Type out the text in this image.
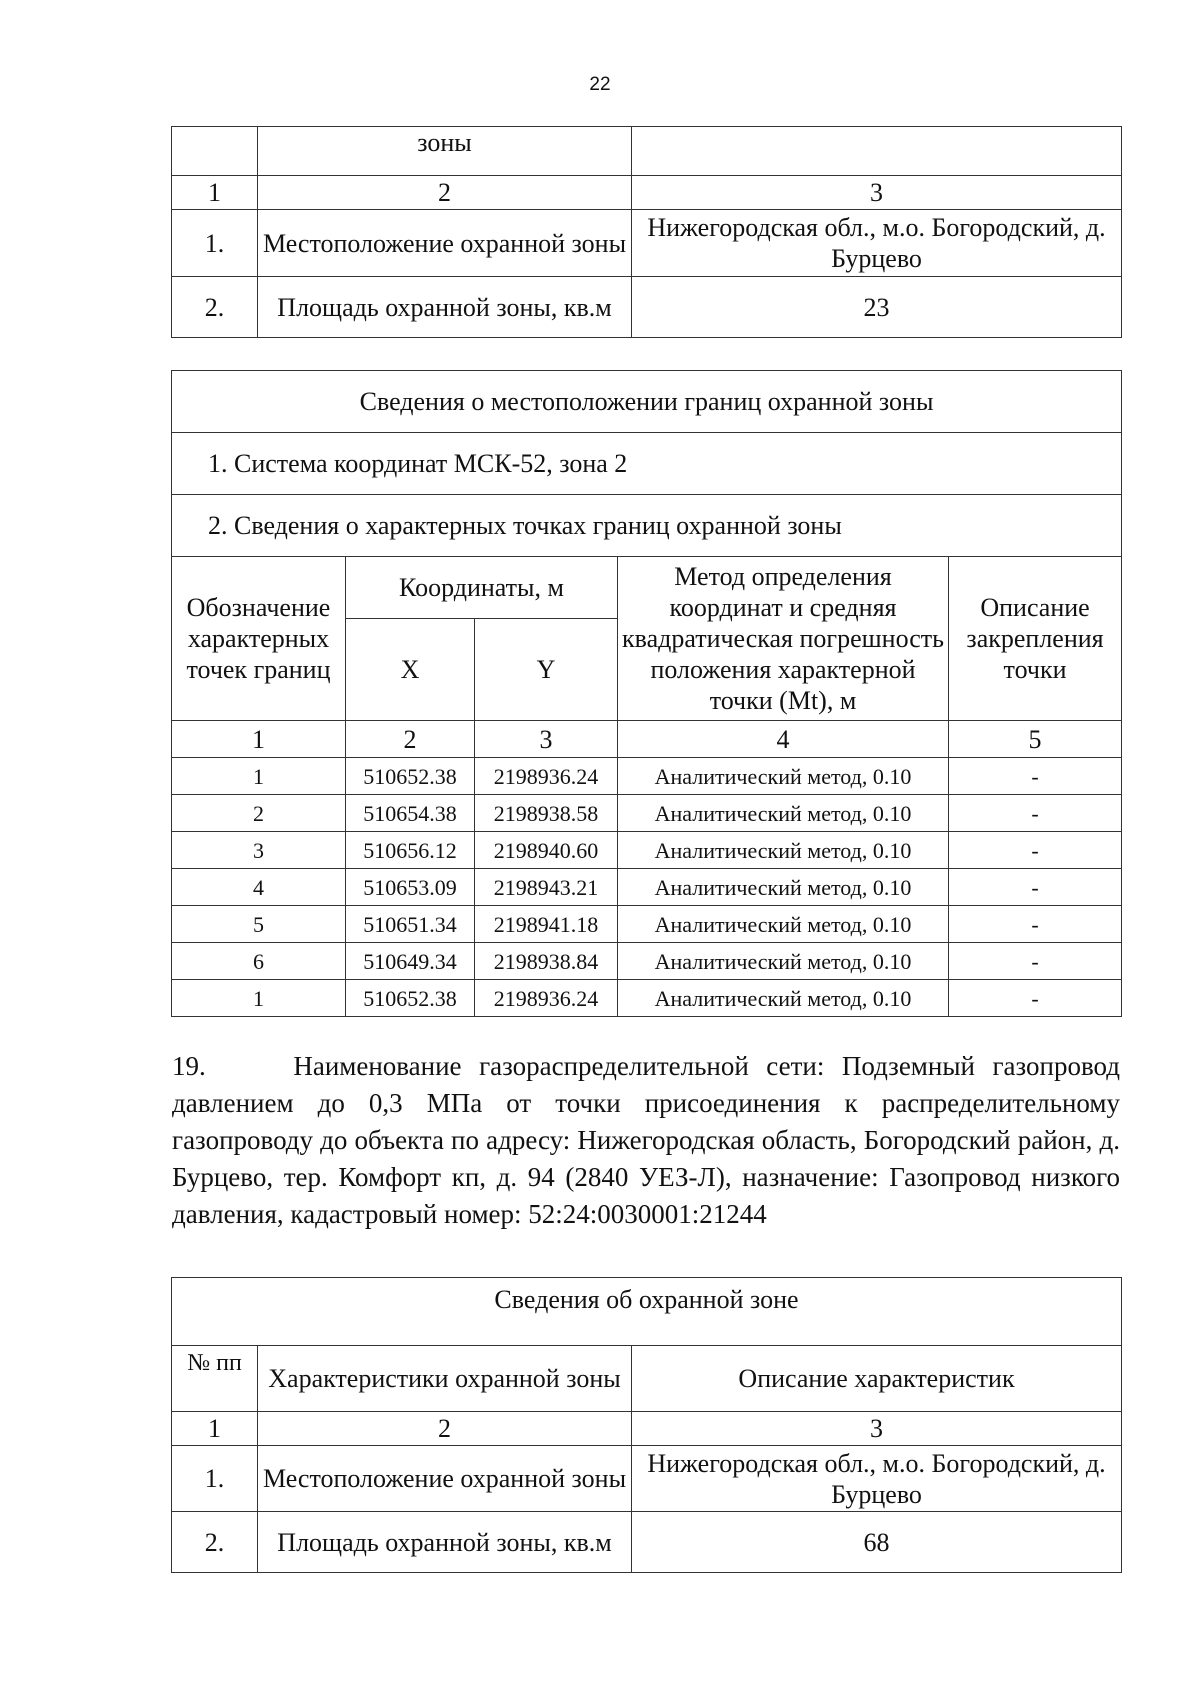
22
	зоны	
1	2	3
1.	Местоположение охранной зоны	Нижегородская обл., м.о. Богородский, д. Бурцево
2.	Площадь охранной зоны, кв.м	23
Сведения о местоположении границ охранной зоны				
1. Система координат МСК-52, зона 2				
2. Сведения о характерных точках границ охранной зоны				
Обозначение характерных точек границ	Координаты, м		Метод определения координат и средняя квадратическая погрешность положения характерной точки (Mt), м	Описание закрепления точки
	X	Y		
1	2	3	4	5
1	510652.38	2198936.24	Аналитический метод, 0.10	-
2	510654.38	2198938.58	Аналитический метод, 0.10	-
3	510656.12	2198940.60	Аналитический метод, 0.10	-
4	510653.09	2198943.21	Аналитический метод, 0.10	-
5	510651.34	2198941.18	Аналитический метод, 0.10	-
6	510649.34	2198938.84	Аналитический метод, 0.10	-
1	510652.38	2198936.24	Аналитический метод, 0.10	-
19.     Наименование газораспределительной сети: Подземный газопровод давлением до 0,3 МПа от точки присоединения к распределительному газопроводу до объекта по адресу: Нижегородская область, Богородский район, д. Бурцево, тер. Комфорт кп, д. 94 (2840 УЕЗ-Л), назначение: Газопровод низкого давления, кадастровый номер: 52:24:0030001:21244
Сведения об охранной зоне		
№ пп	Характеристики охранной зоны	Описание характеристик
1	2	3
1.	Местоположение охранной зоны	Нижегородская обл., м.о. Богородский, д. Бурцево
2.	Площадь охранной зоны, кв.м	68
